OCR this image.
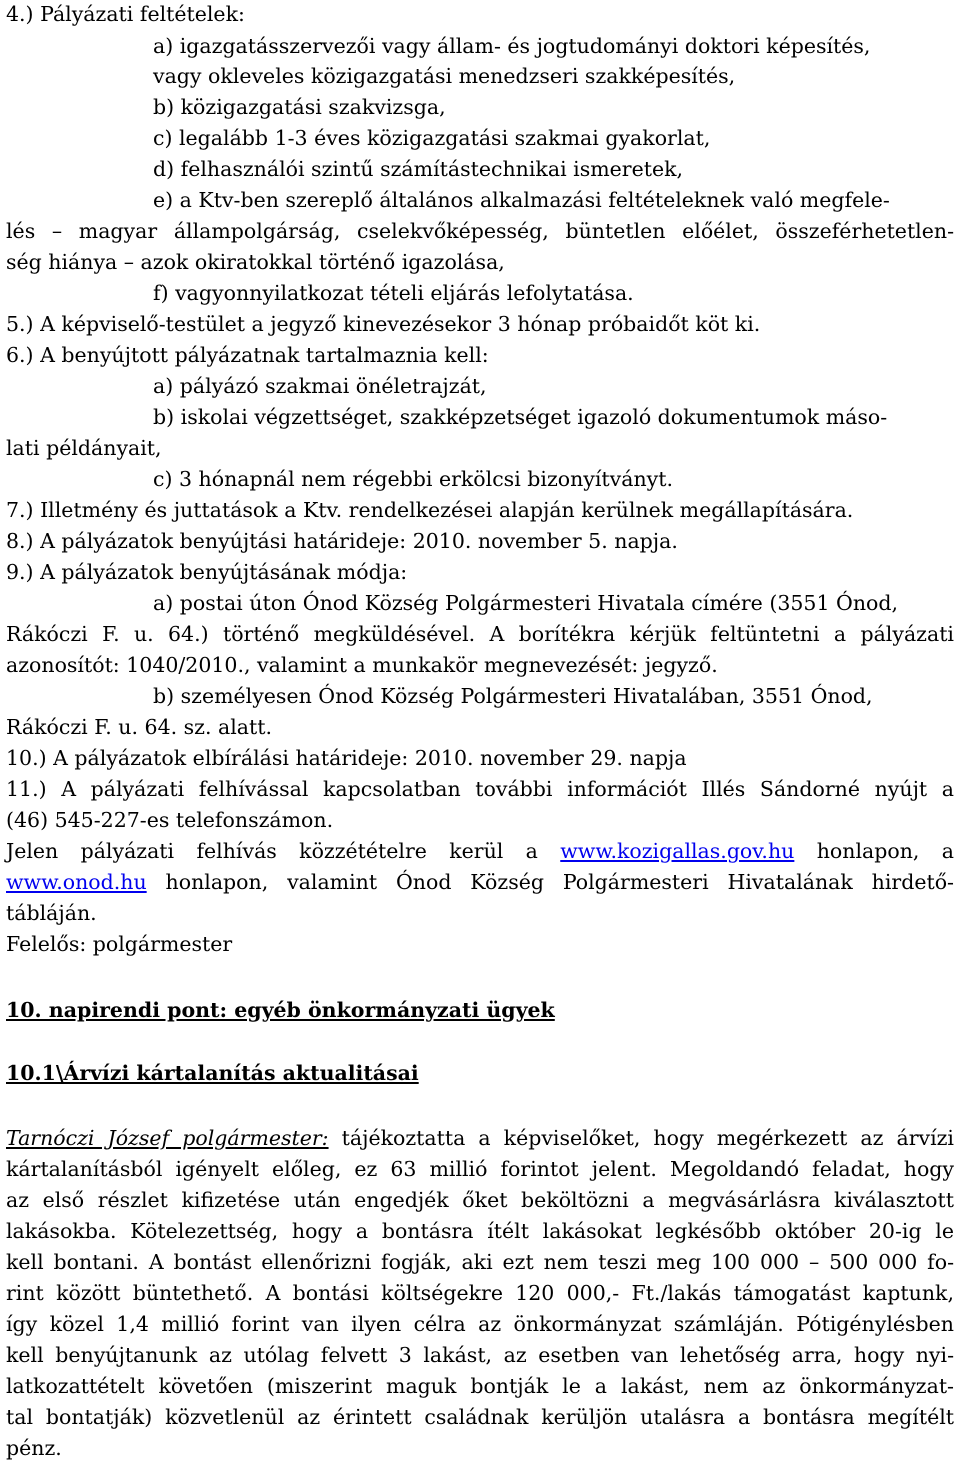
4.) Pályázati feltételek:
a) igazgatásszervezői vagy állam- és jogtudományi doktori képesítés,
vagy okleveles közigazgatási menedzseri szakképesítés,
b) közigazgatási szakvizsga,
c) legalább 1-3 éves közigazgatási szakmai gyakorlat,
d) felhasználói szintű számítástechnikai ismeretek,
e) a Ktv-ben szereplő általános alkalmazási feltételeknek való megfele-
lés – magyar állampolgárság, cselekvőképesség, büntetlen előélet, összeférhetetlen-
ség hiánya – azok okiratokkal történő igazolása,
f) vagyonnyilatkozat tételi eljárás lefolytatása.
5.) A képviselő-testület a jegyző kinevezésekor 3 hónap próbaidőt köt ki.
6.) A benyújtott pályázatnak tartalmaznia kell:
a) pályázó szakmai önéletrajzát,
b) iskolai végzettséget, szakképzetséget igazoló dokumentumok máso-
lati példányait,
c) 3 hónapnál nem régebbi erkölcsi bizonyítványt.
7.) Illetmény és juttatások a Ktv. rendelkezései alapján kerülnek megállapítására.
8.) A pályázatok benyújtási határideje: 2010. november 5. napja.
9.) A pályázatok benyújtásának módja:
a) postai úton Ónod Község Polgármesteri Hivatala címére (3551 Ónod,
Rákóczi F. u. 64.) történő megküldésével. A borítékra kérjük feltüntetni a pályázati
azonosítót: 1040/2010., valamint a munkakör megnevezését: jegyző.
b) személyesen Ónod Község Polgármesteri Hivatalában, 3551 Ónod,
Rákóczi F. u. 64. sz. alatt.
10.) A pályázatok elbírálási határideje: 2010. november 29. napja
11.) A pályázati felhívással kapcsolatban további információt Illés Sándorné nyújt a
(46) 545-227-es telefonszámon.
Jelen pályázati felhívás közzétételre kerül a www.kozigallas.gov.hu honlapon, a
www.onod.hu honlapon, valamint Ónod Község Polgármesteri Hivatalának hirdető-
tábláján.
Felelős: polgármester
10. napirendi pont: egyéb önkormányzati ügyek
10.1\Árvízi kártalanítás aktualitásai
Tarnóczi József polgármester: tájékoztatta a képviselőket, hogy megérkezett az árvízi
kártalanításból igényelt előleg, ez 63 millió forintot jelent. Megoldandó feladat, hogy
az első részlet kifizetése után engedjék őket beköltözni a megvásárlásra kiválasztott
lakásokba. Kötelezettség, hogy a bontásra ítélt lakásokat legkésőbb október 20-ig le
kell bontani. A bontást ellenőrizni fogják, aki ezt nem teszi meg 100 000 – 500 000 fo-
rint között büntethető. A bontási költségekre 120 000,- Ft./lakás támogatást kaptunk,
így közel 1,4 millió forint van ilyen célra az önkormányzat számláján. Pótigénylésben
kell benyújtanunk az utólag felvett 3 lakást, az esetben van lehetőség arra, hogy nyi-
latkozattételt követően (miszerint maguk bontják le a lakást, nem az önkormányzat-
tal bontatják) közvetlenül az érintett családnak kerüljön utalásra a bontásra megítélt
pénz.
